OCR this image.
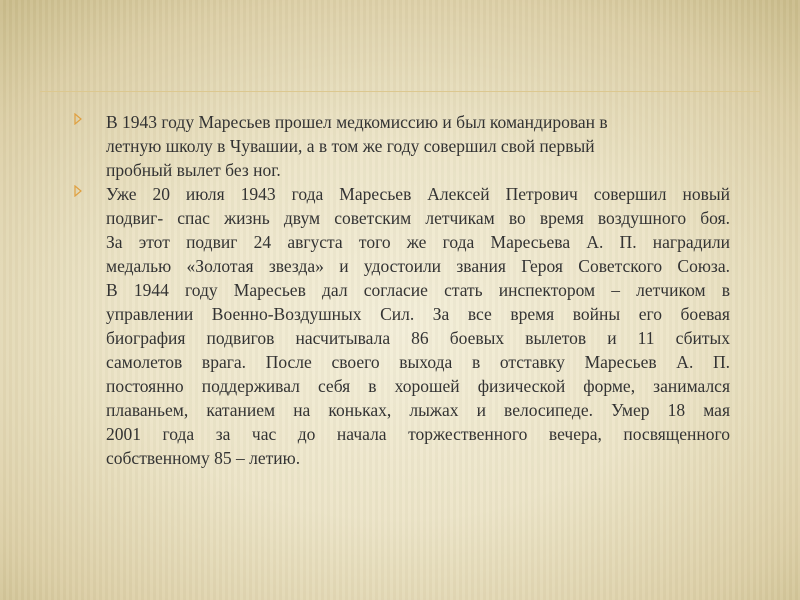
В 1943 году Маресьев прошел медкомиссию и был командирован в
летную школу в Чувашии, а в том же году совершил свой первый
пробный вылет без ног.
Уже 20 июля 1943 года Маресьев Алексей Петрович совершил новый
подвиг- спас жизнь двум советским летчикам во время воздушного боя.
За этот подвиг 24 августа того же года Маресьева А. П. наградили
медалью «Золотая звезда» и удостоили звания Героя Советского Союза.
В 1944 году Маресьев дал согласие стать инспектором – летчиком в
управлении Военно-Воздушных Сил. За все время войны его боевая
биография подвигов насчитывала 86 боевых вылетов и 11 сбитых
самолетов врага. После своего выхода в отставку Маресьев А. П.
постоянно поддерживал себя в хорошей физической форме, занимался
плаваньем, катанием на коньках, лыжах и велосипеде. Умер 18 мая
2001 года за час до начала торжественного вечера, посвященного
собственному 85 – летию.
